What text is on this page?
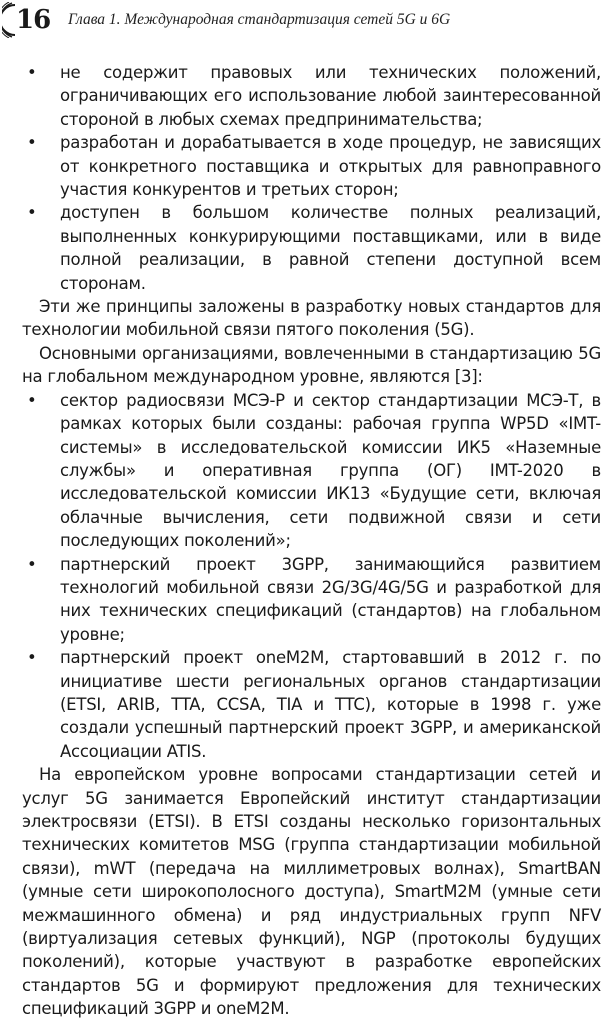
16 Глава 1. Международная стандартизация сетей 5G и 6G
• не содержит правовых или технических положений, ограничивающих его использование любой заинтересованной стороной в любых схемах предпринимательства;
• разработан и дорабатывается в ходе процедур, не зависящих от конкретного поставщика и открытых для равноправного участия конкурентов и третьих сторон;
• доступен в большом количестве полных реализаций, выполненных конкурирующими поставщиками, или в виде полной реализации, в равной степени доступной всем сторонам.

Эти же принципы заложены в разработку новых стандартов для технологии мобильной связи пятого поколения (5G).

Основными организациями, вовлеченными в стандартизацию 5G на глобальном международном уровне, являются [3]:

• сектор радиосвязи МСЭ-Р и сектор стандартизации МСЭ-Т, в рамках которых были созданы: рабочая группа WP5D «IMT-системы» в исследовательской комиссии ИК5 «Наземные службы» и оперативная группа (ОГ) IMT-2020 в исследовательской комиссии ИК13 «Будущие сети, включая облачные вычисления, сети подвижной связи и сети последующих поколений»;
• партнерский проект 3GPP, занимающийся развитием технологий мобильной связи 2G/3G/4G/5G и разработкой для них технических спецификаций (стандартов) на глобальном уровне;
• партнерский проект oneM2M, стартовавший в 2012 г. по инициативе шести региональных органов стандартизации (ETSI, ARIB, TTA, CCSA, TIA и TTC), которые в 1998 г. уже создали успешный партнерский проект 3GPP, и американской Ассоциации ATIS.

На европейском уровне вопросами стандартизации сетей и услуг 5G занимается Европейский институт стандартизации электросвязи (ETSI). В ETSI созданы несколько горизонтальных технических комитетов MSG (группа стандартизации мобильной связи), mWT (передача на миллиметровых волнах), SmartBAN (умные сети широкополосного доступа), SmartM2M (умные сети межмашинного обмена) и ряд индустриальных групп NFV (виртуализация сетевых функций), NGP (протоколы будущих поколений), которые участвуют в разработке европейских стандартов 5G и формируют предложения для технических спецификаций 3GPP и oneM2M.
